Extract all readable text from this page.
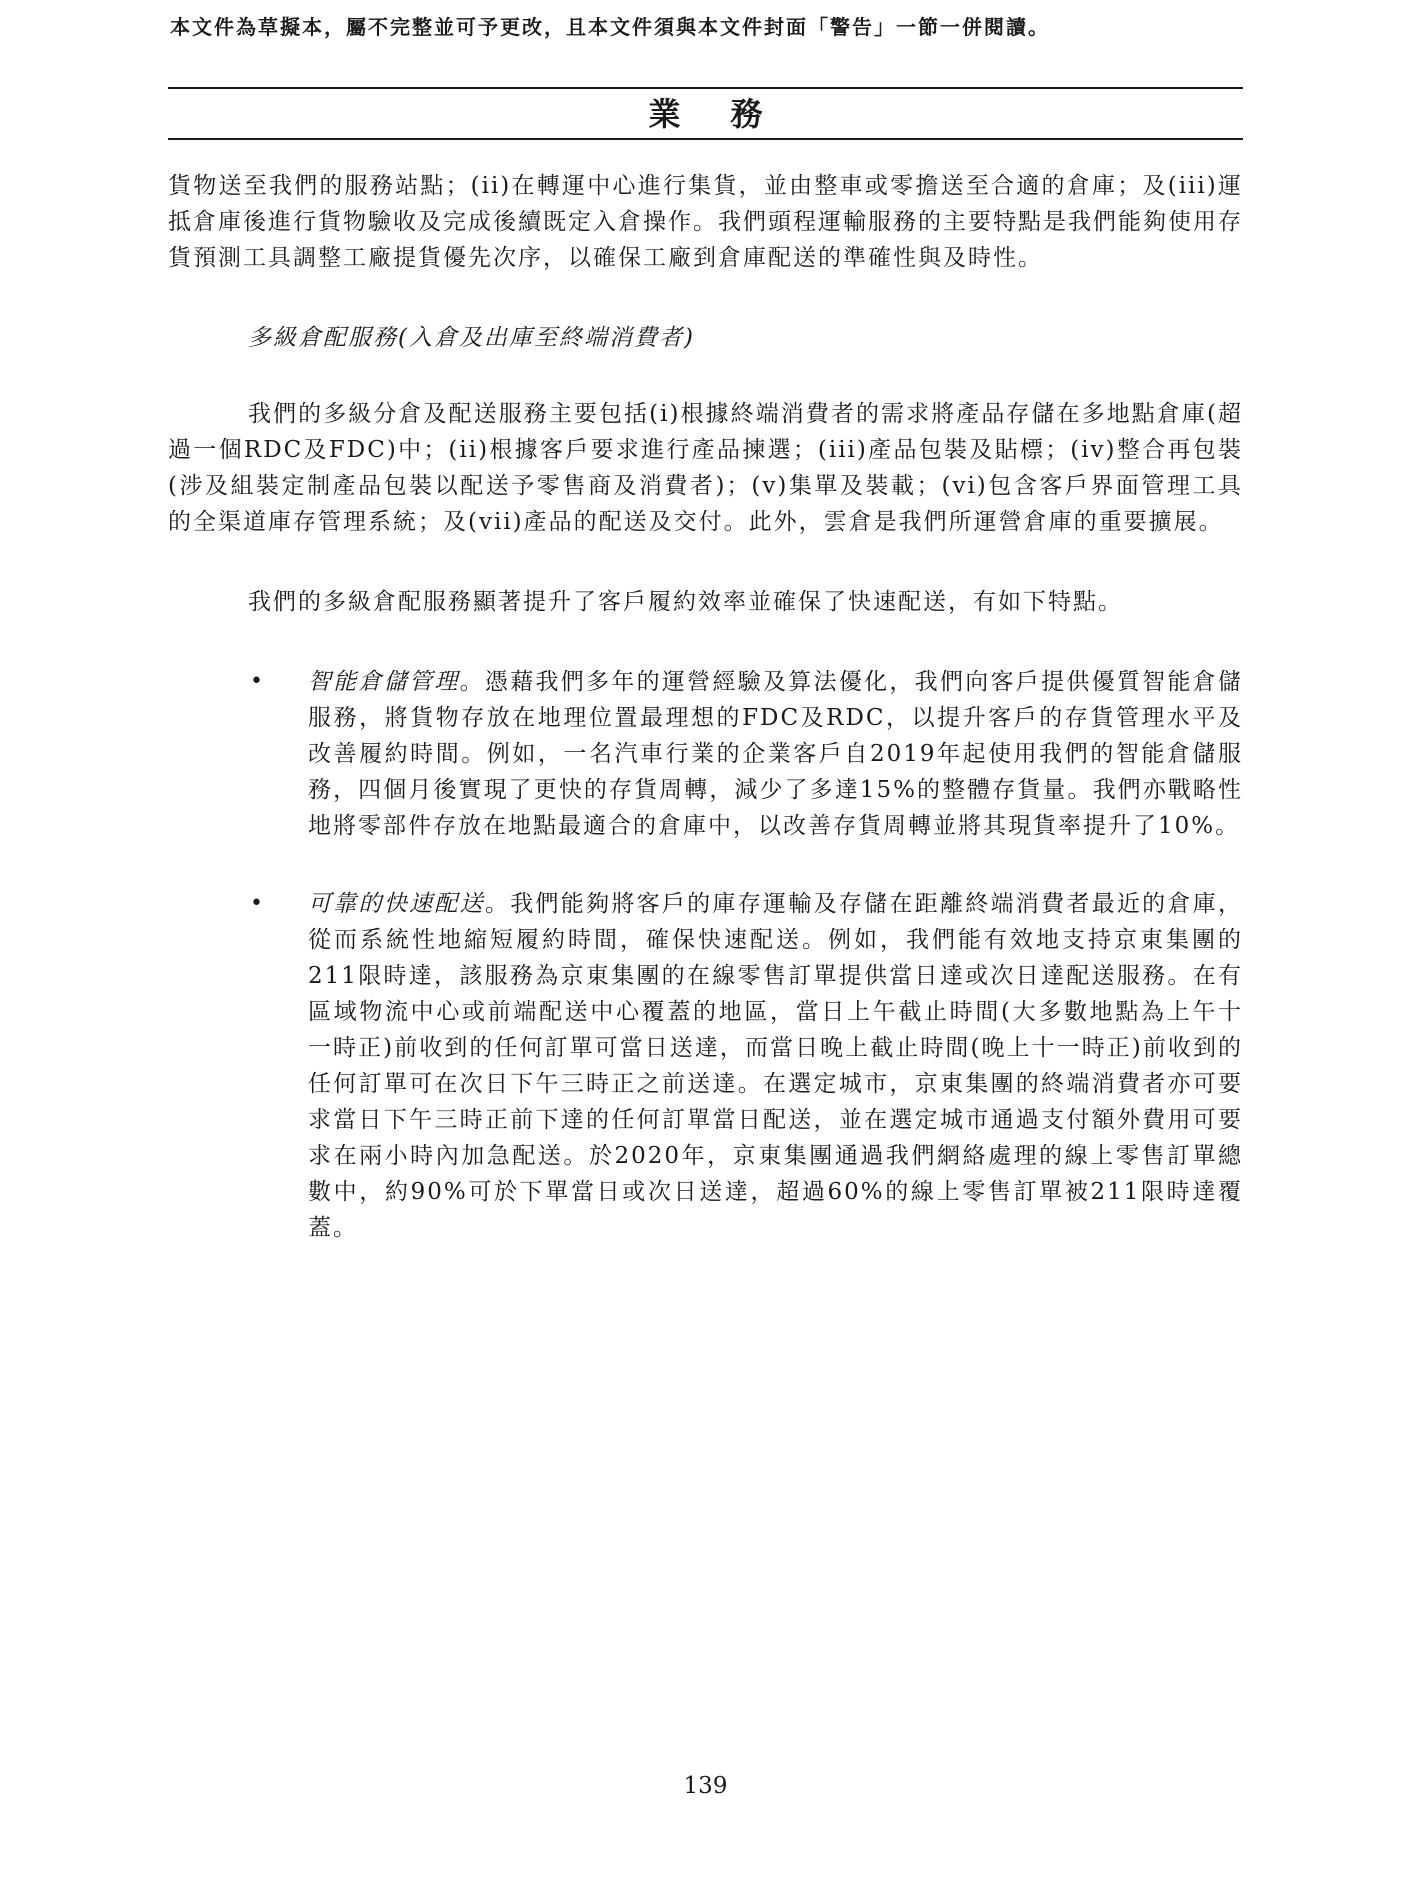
本文件為草擬本，屬不完整並可予更改，且本文件須與本文件封面「警告」一節一併閱讀。
業務

貨物送至我們的服務站點；(ii)在轉運中心進行集貨，並由整車或零擔送至合適的倉庫；及(iii)運抵倉庫後進行貨物驗收及完成後續既定入倉操作。我們頭程運輸服務的主要特點是我們能夠使用存貨預測工具調整工廠提貨優先次序，以確保工廠到倉庫配送的準確性與及時性。

多級倉配服務(入倉及出庫至終端消費者)

我們的多級分倉及配送服務主要包括(i)根據終端消費者的需求將產品存儲在多地點倉庫(超過一個RDC及FDC)中；(ii)根據客戶要求進行產品揀選；(iii)產品包裝及貼標；(iv)整合再包裝(涉及組裝定制產品包裝以配送予零售商及消費者)；(v)集單及裝載；(vi)包含客戶界面管理工具的全渠道庫存管理系統；及(vii)產品的配送及交付。此外，雲倉是我們所運營倉庫的重要擴展。

我們的多級倉配服務顯著提升了客戶履約效率並確保了快速配送，有如下特點。

• 智能倉儲管理。憑藉我們多年的運營經驗及算法優化，我們向客戶提供優質智能倉儲服務，將貨物存放在地理位置最理想的FDC及RDC，以提升客戶的存貨管理水平及改善履約時間。例如，一名汽車行業的企業客戶自2019年起使用我們的智能倉儲服務，四個月後實現了更快的存貨周轉，減少了多達15%的整體存貨量。我們亦戰略性地將零部件存放在地點最適合的倉庫中，以改善存貨周轉並將其現貨率提升了10%。
• 可靠的快速配送。我們能夠將客戶的庫存運輸及存儲在距離終端消費者最近的倉庫，從而系統性地縮短履約時間，確保快速配送。例如，我們能有效地支持京東集團的211限時達，該服務為京東集團的在線零售訂單提供當日達或次日達配送服務。在有區域物流中心或前端配送中心覆蓋的地區，當日上午截止時間(大多數地點為上午十一時正)前收到的任何訂單可當日送達，而當日晚上截止時間(晚上十一時正)前收到的任何訂單可在次日下午三時正之前送達。在選定城市，京東集團的終端消費者亦可要求當日下午三時正前下達的任何訂單當日配送，並在選定城市通過支付額外費用可要求在兩小時內加急配送。於2020年，京東集團通過我們網絡處理的線上零售訂單總數中，約90%可於下單當日或次日送達，超過60%的線上零售訂單被211限時達覆蓋。
139
